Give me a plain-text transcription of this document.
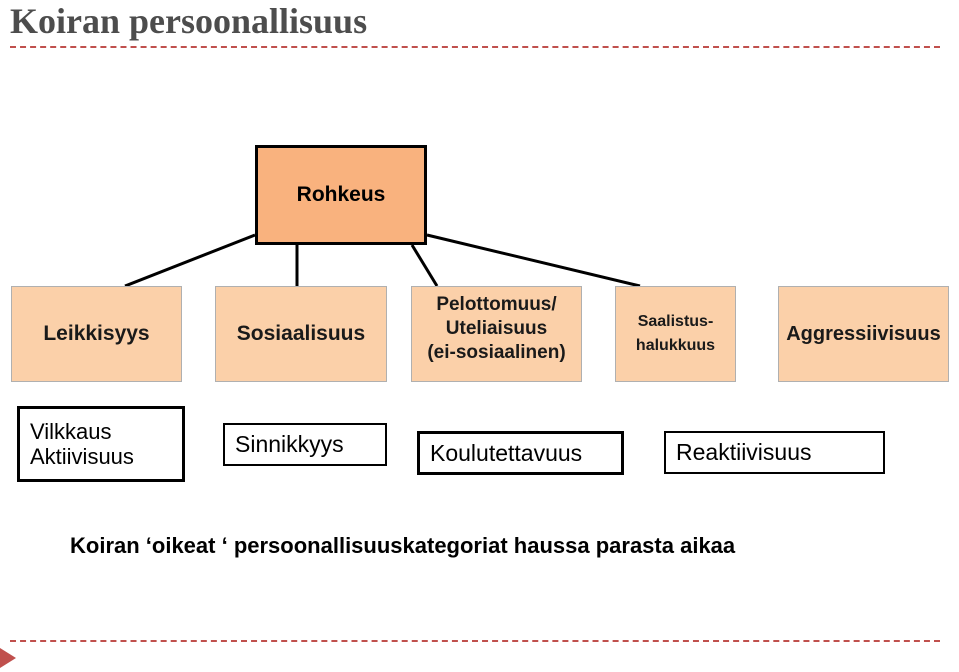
Koiran persoonallisuus
Rohkeus
Leikkisyys	Sosiaalisuus
Pelottomuus/
Uteliaisuus
(ei-sosiaalinen)
Saalistus-
halukkuus
Aggressiivisuus
Vilkkaus
Aktiivisuus	Sinnikkyys	Koulutettavuus	Reaktiivisuus
Koiran ‘oikeat ‘ persoonallisuuskategoriat haussa parasta aikaa
